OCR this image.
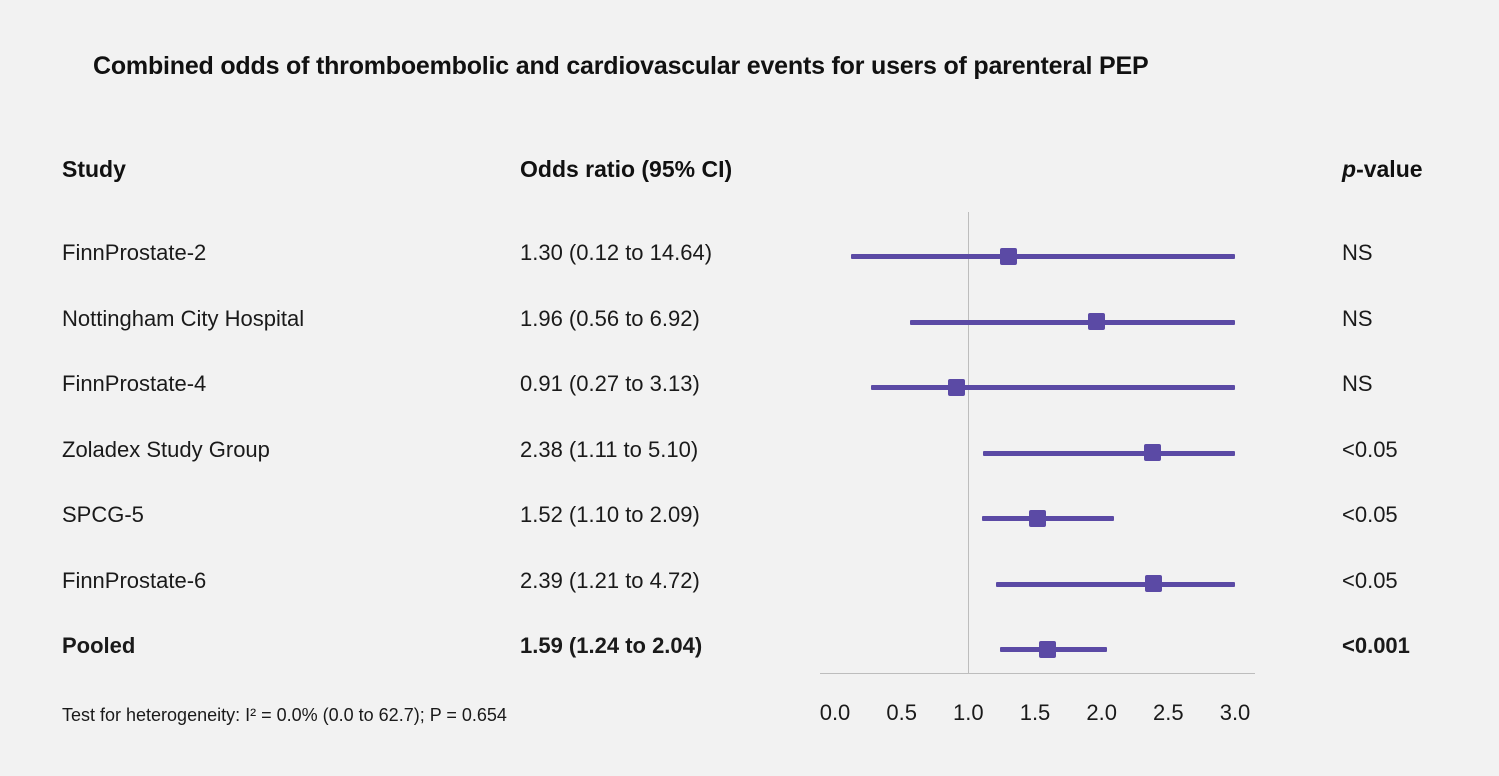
Combined odds of thromboembolic and cardiovascular events for users of parenteral PEP
Study	Odds ratio (95% CI)	p-value
FinnProstate-2	1.30 (0.12 to 14.64)	NS
Nottingham City Hospital	1.96 (0.56 to 6.92)	NS
FinnProstate-4	0.91 (0.27 to 3.13)	NS
Zoladex Study Group	2.38 (1.11 to 5.10)	<0.05
SPCG-5	1.52 (1.10 to 2.09)	<0.05
FinnProstate-6	2.39 (1.21 to 4.72)	<0.05
Pooled	1.59 (1.24 to 2.04)	<0.001
0.0 0.5 1.0 1.5 2.0 2.5 3.0
Test for heterogeneity: I² = 0.0% (0.0 to 62.7); P = 0.654
